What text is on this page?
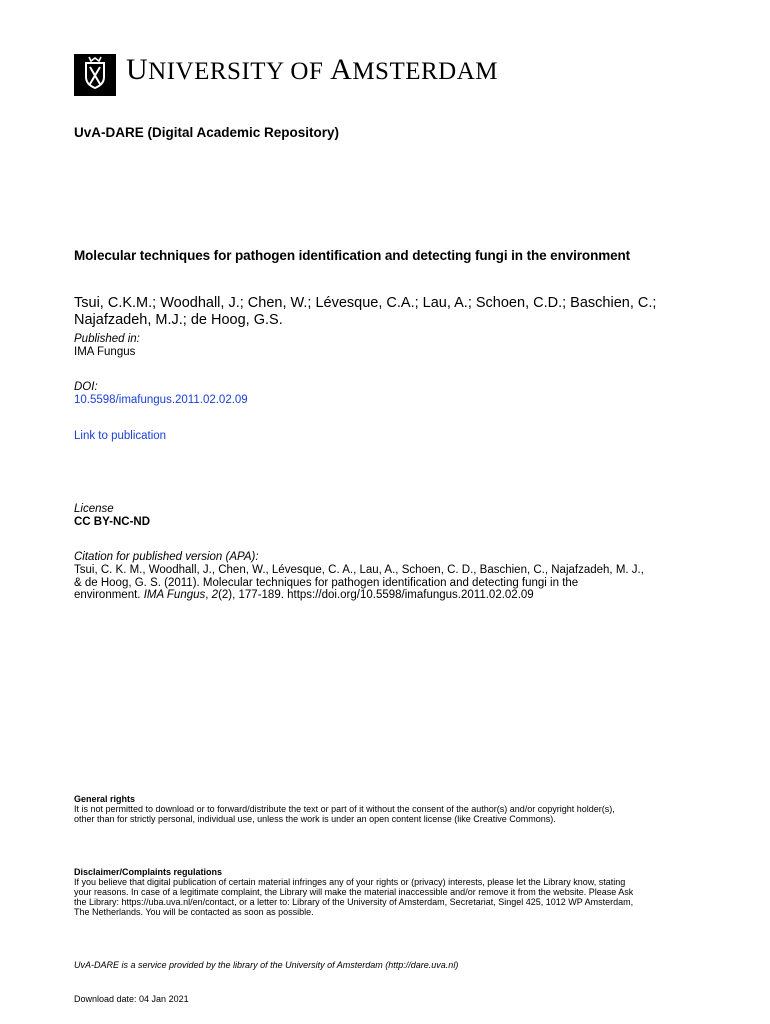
UNIVERSITY OF AMSTERDAM
UvA-DARE (Digital Academic Repository)
Molecular techniques for pathogen identification and detecting fungi in the environment
Tsui, C.K.M.; Woodhall, J.; Chen, W.; Lévesque, C.A.; Lau, A.; Schoen, C.D.; Baschien, C.;
Najafzadeh, M.J.; de Hoog, G.S.
Published in:
IMA Fungus
DOI:
10.5598/imafungus.2011.02.02.09
Link to publication
License
CC BY-NC-ND
Citation for published version (APA):
Tsui, C. K. M., Woodhall, J., Chen, W., Lévesque, C. A., Lau, A., Schoen, C. D., Baschien, C., Najafzadeh, M. J.,
& de Hoog, G. S. (2011). Molecular techniques for pathogen identification and detecting fungi in the
environment. IMA Fungus, 2(2), 177-189. https://doi.org/10.5598/imafungus.2011.02.02.09
General rights
It is not permitted to download or to forward/distribute the text or part of it without the consent of the author(s) and/or copyright holder(s),
other than for strictly personal, individual use, unless the work is under an open content license (like Creative Commons).
Disclaimer/Complaints regulations
If you believe that digital publication of certain material infringes any of your rights or (privacy) interests, please let the Library know, stating
your reasons. In case of a legitimate complaint, the Library will make the material inaccessible and/or remove it from the website. Please Ask
the Library: https://uba.uva.nl/en/contact, or a letter to: Library of the University of Amsterdam, Secretariat, Singel 425, 1012 WP Amsterdam,
The Netherlands. You will be contacted as soon as possible.
UvA-DARE is a service provided by the library of the University of Amsterdam (http://dare.uva.nl)
Download date: 04 Jan 2021
